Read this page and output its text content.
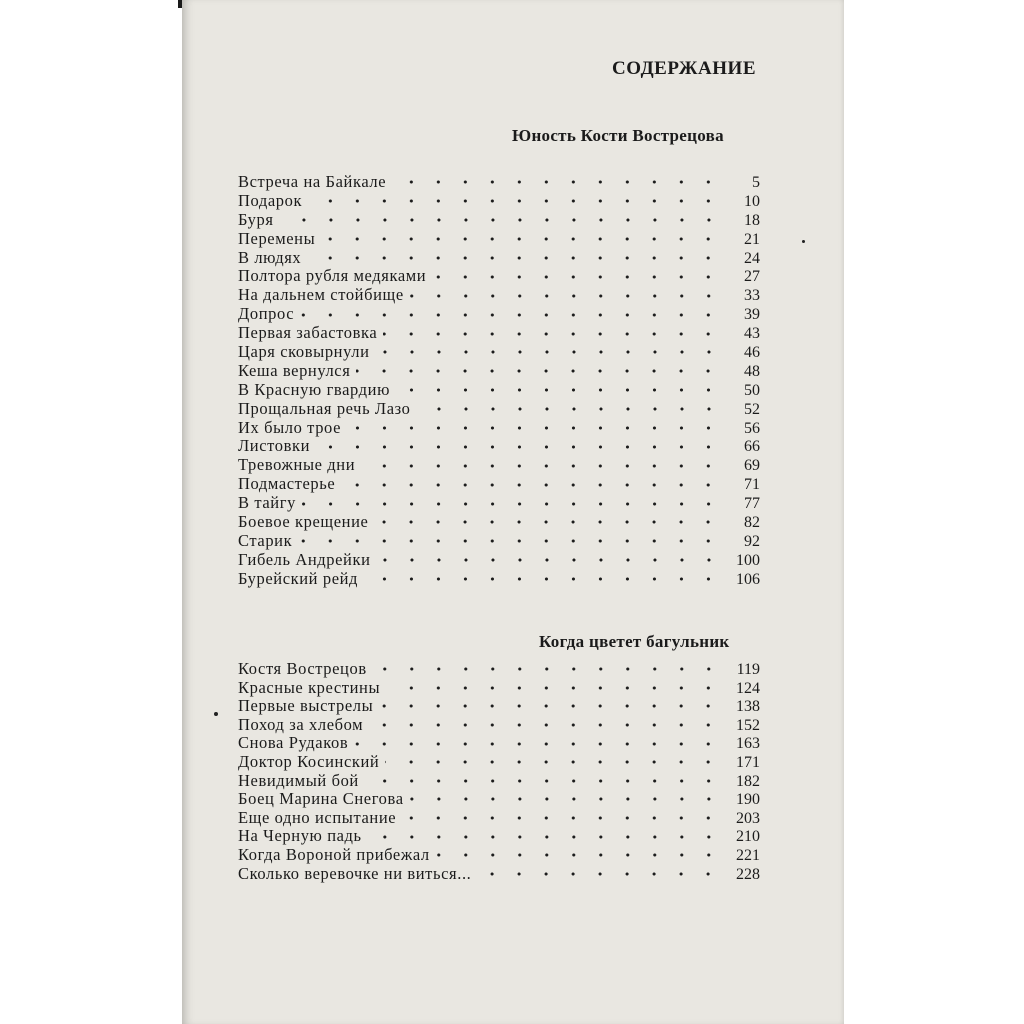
СОДЕРЖАНИЕ
Юность Кости Вострецова
Встреча на Байкале	5
Подарок	10
Буря	18
Перемены	21
В людях	24
Полтора рубля медяками	27
На дальнем стойбище	33
Допрос	39
Первая забастовка	43
Царя сковырнули	46
Кеша вернулся	48
В Красную гвардию	50
Прощальная речь Лазо	52
Их было трое	56
Листовки	66
Тревожные дни	69
Подмастерье	71
В тайгу	77
Боевое крещение	82
Старик	92
Гибель Андрейки	100
Бурейский рейд	106
Когда цветет багульник
Костя Вострецов	119
Красные крестины	124
Первые выстрелы	138
Поход за хлебом	152
Снова Рудаков	163
Доктор Косинский	171
Невидимый бой	182
Боец Марина Снегова	190
Еще одно испытание	203
На Черную падь	210
Когда Вороной прибежал	221
Сколько веревочке ни виться...	228
